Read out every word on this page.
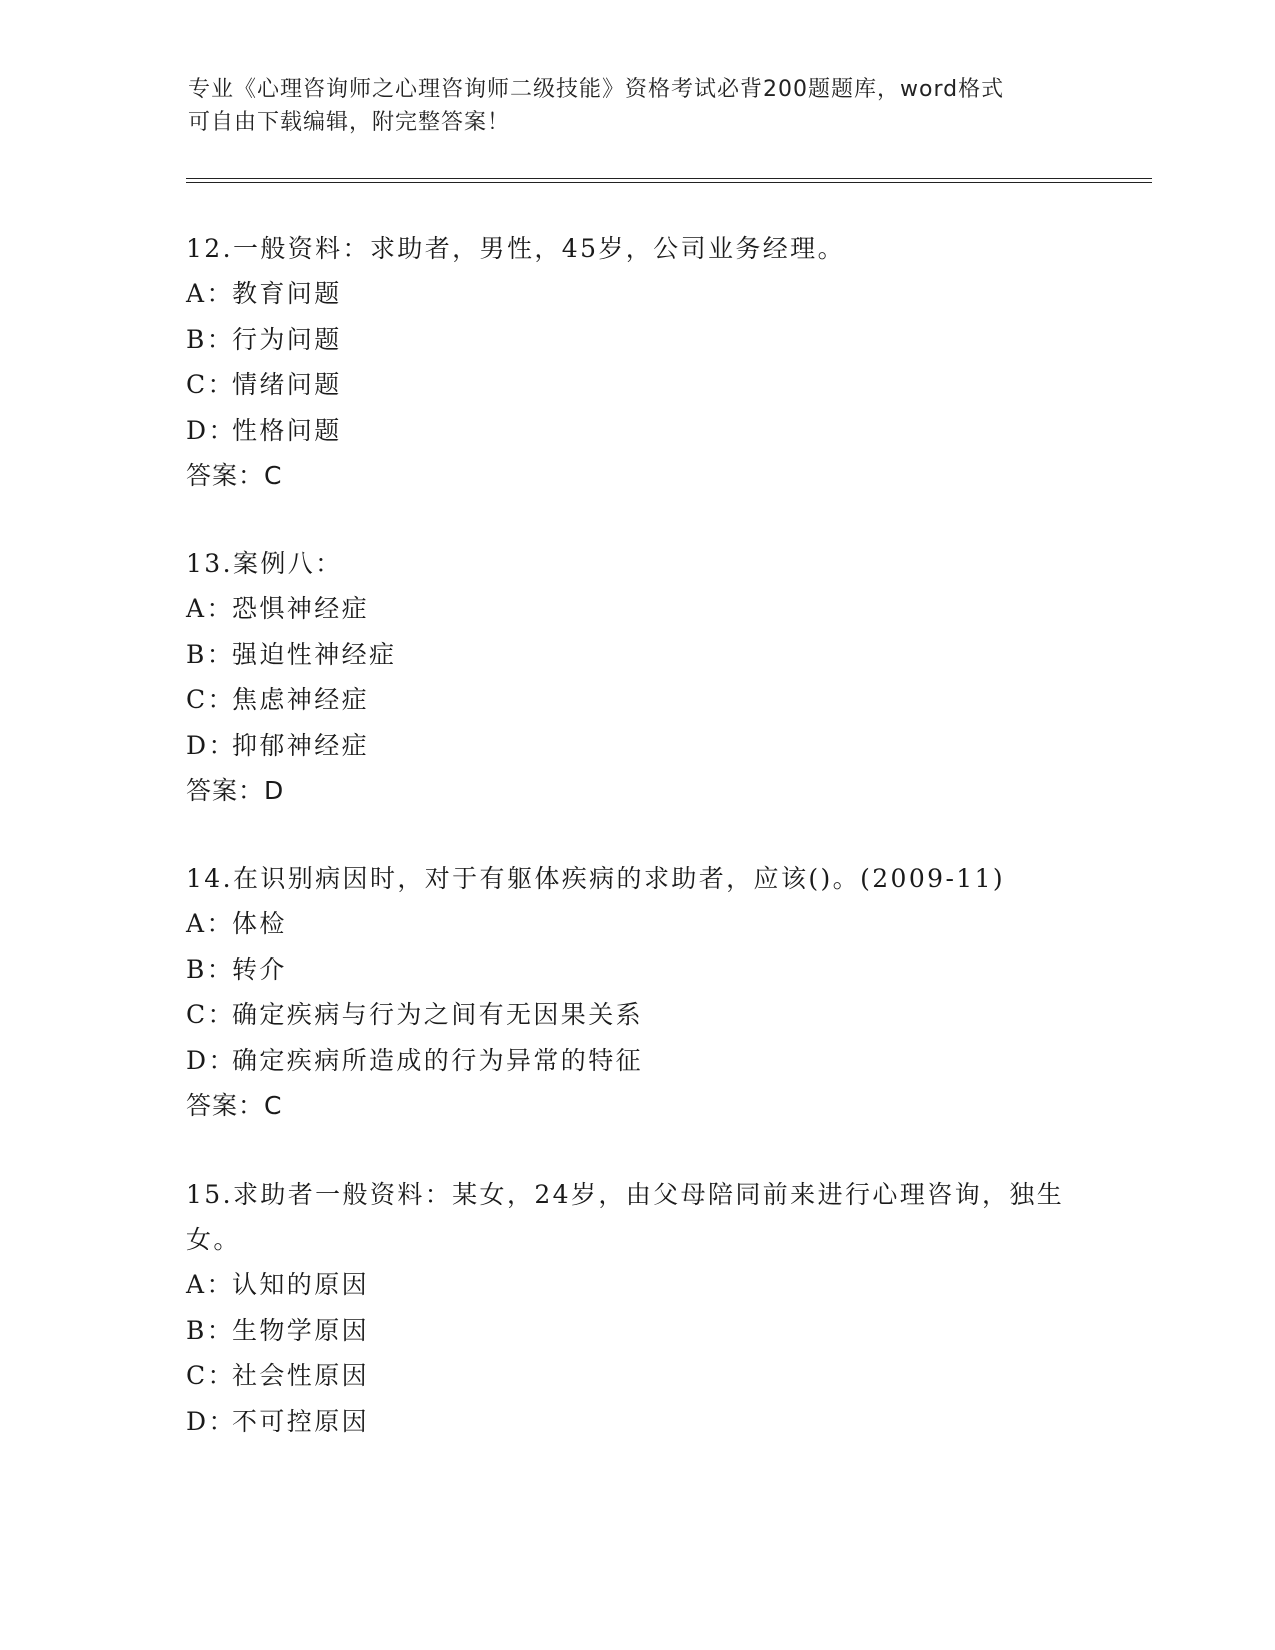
专业《心理咨询师之心理咨询师二级技能》资格考试必背200题题库，word格式
可自由下载编辑，附完整答案！
12.一般资料：求助者，男性，45岁，公司业务经理。
A：教育问题
B：行为问题
C：情绪问题
D：性格问题
答案：C
13.案例八：
A：恐惧神经症
B：强迫性神经症
C：焦虑神经症
D：抑郁神经症
答案：D
14.在识别病因时，对于有躯体疾病的求助者，应该()。(2009-11)
A：体检
B：转介
C：确定疾病与行为之间有无因果关系
D：确定疾病所造成的行为异常的特征
答案：C
15.求助者一般资料：某女，24岁，由父母陪同前来进行心理咨询，独生女。
A：认知的原因
B：生物学原因
C：社会性原因
D：不可控原因
